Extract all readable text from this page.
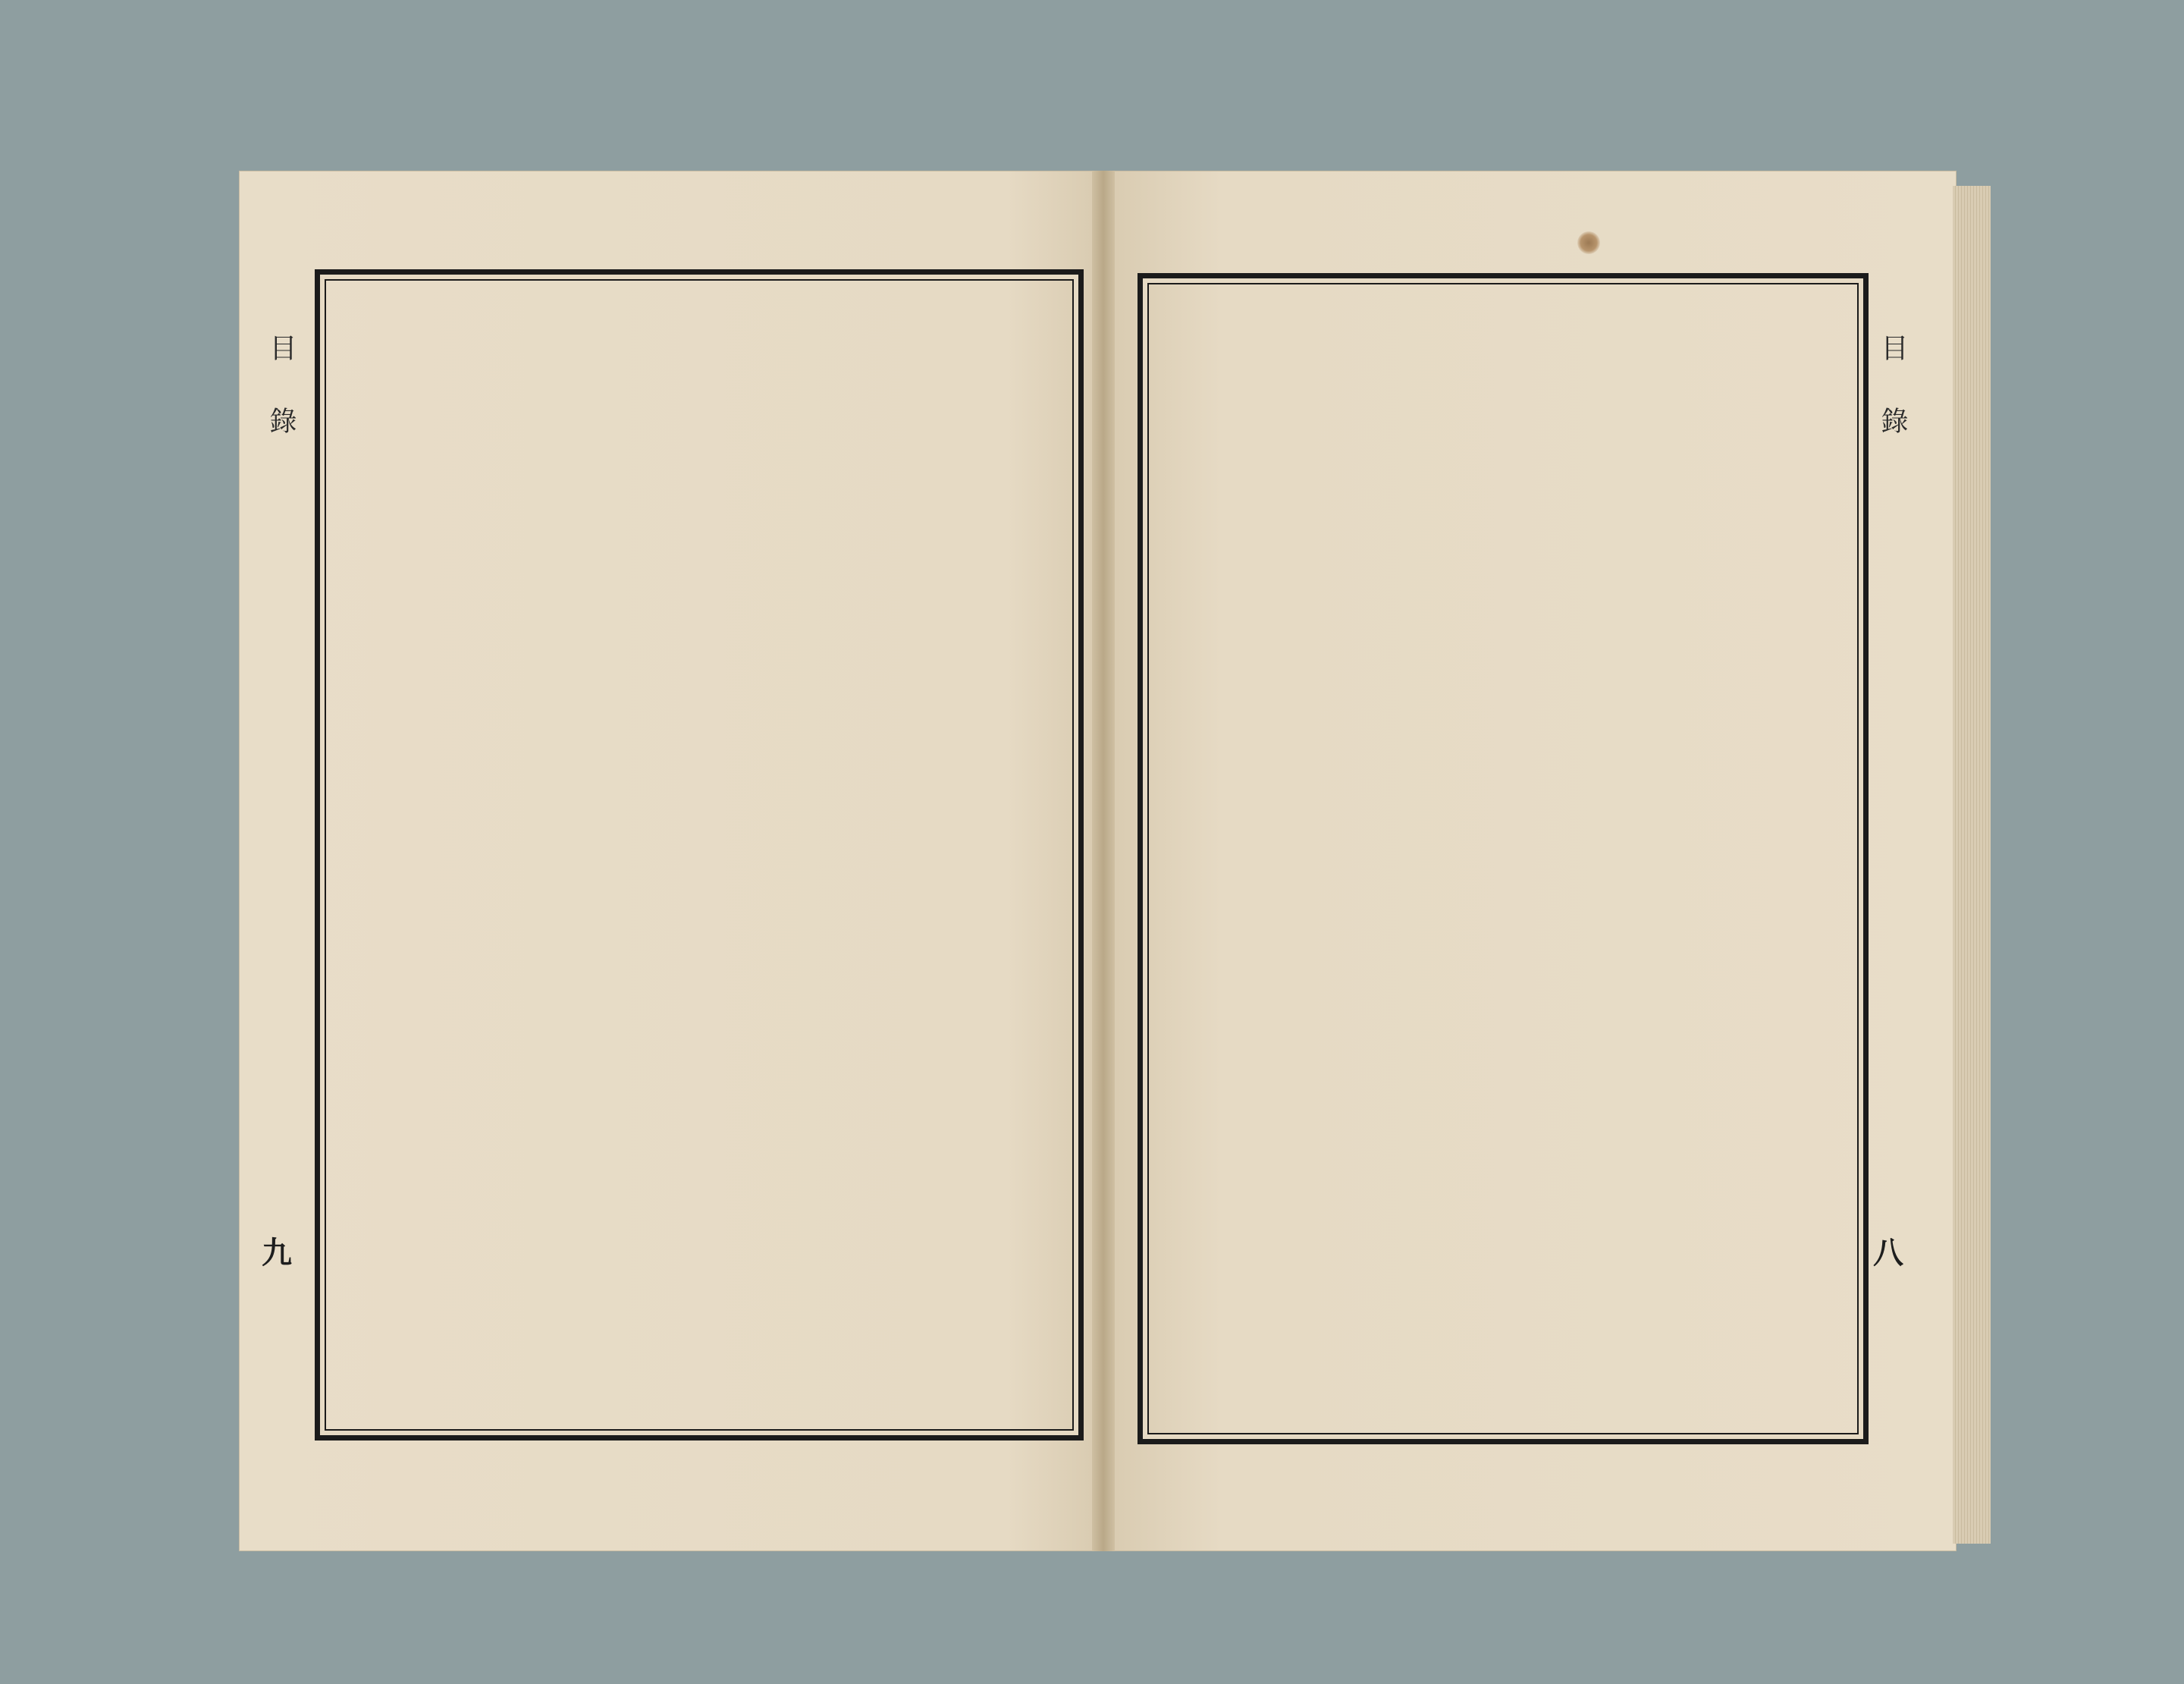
目錄
九
目錄
八
